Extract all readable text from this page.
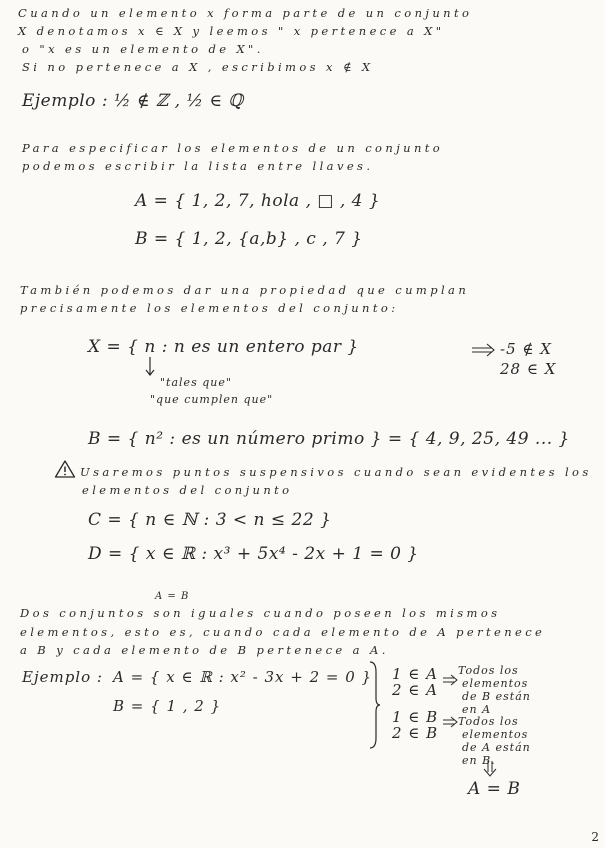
Cuando un elemento x forma parte de un conjunto
X denotamos x ∈ X y leemos " x pertenece a X"
o "x es un elemento de X".
Si no pertenece a X , escribimos x ∉ X
Ejemplo : ½ ∉ ℤ , ½ ∈ ℚ
Para especificar los elementos de un conjunto
podemos escribir la lista entre llaves.
A = { 1, 2, 7, hola , □ , 4 }
B = { 1, 2, {a,b} , c , 7 }
También podemos dar una propiedad que cumplan
precisamente los elementos del conjunto:
X = { n : n es un entero par }
"tales que"
"que cumplen que"
-5 ∉ X
28 ∈ X
B = { n² : es un número primo } = { 4, 9, 25, 49 ... }
Usaremos puntos suspensivos cuando sean evidentes los
elementos del conjunto
C = { n ∈ ℕ : 3 < n ≤ 22 }
D = { x ∈ ℝ : x³ + 5x⁴ - 2x + 1 = 0 }
A = B
Dos conjuntos son iguales cuando poseen los mismos
elementos, esto es, cuando cada elemento de A pertenece
a B y cada elemento de B pertenece a A.
Ejemplo : A = { x ∈ ℝ : x² - 3x + 2 = 0 }
B = { 1 , 2 }
1 ∈ A
2 ∈ A
1 ∈ B
2 ∈ B
Todos los
elementos
de B están
en A
Todos los
elementos
de A están
en B.
A = B
2
